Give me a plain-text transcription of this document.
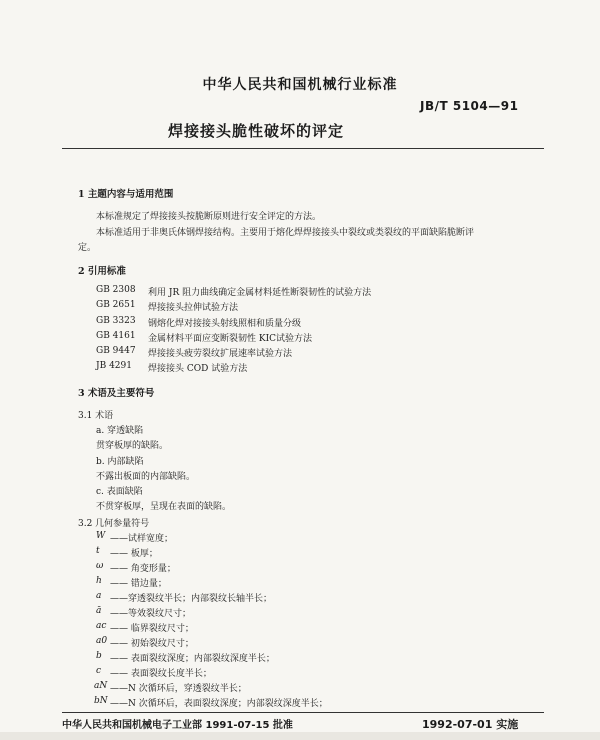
中华人民共和国机械行业标准
JB/T 5104—91
焊接接头脆性破坏的评定
1 主题内容与适用范围
本标准规定了焊接接头按脆断原则进行安全评定的方法。
本标准适用于非奥氏体钢焊接结构。主要用于熔化焊焊接接头中裂纹或类裂纹的平面缺陷脆断评
定。
2 引用标准
GB 2308	利用 JR 阻力曲线确定金属材料延性断裂韧性的试验方法
GB 2651	焊接接头拉伸试验方法
GB 3323	钢熔化焊对接接头射线照相和质量分级
GB 4161	金属材料平面应变断裂韧性 KIC试验方法
GB 9447	焊接接头疲劳裂纹扩展速率试验方法
JB 4291	焊接接头 COD 试验方法
3 术语及主要符号
3.1 术语
a. 穿透缺陷
贯穿板厚的缺陷。
b. 内部缺陷
不露出板面的内部缺陷。
c. 表面缺陷
不贯穿板厚，呈现在表面的缺陷。
3.2 几何参量符号
W ——试样宽度；
t —— 板厚；
ω —— 角变形量；
h —— 错边量；
a ——穿透裂纹半长；内部裂纹长轴半长；
ā ——等效裂纹尺寸；
ac —— 临界裂纹尺寸；
a0 —— 初始裂纹尺寸；
b —— 表面裂纹深度；内部裂纹深度半长；
c —— 表面裂纹长度半长；
aN ——N 次循环后，穿透裂纹半长；
bN ——N 次循环后，表面裂纹深度；内部裂纹深度半长；
中华人民共和国机械电子工业部 1991-07-15 批准	1992-07-01 实施
